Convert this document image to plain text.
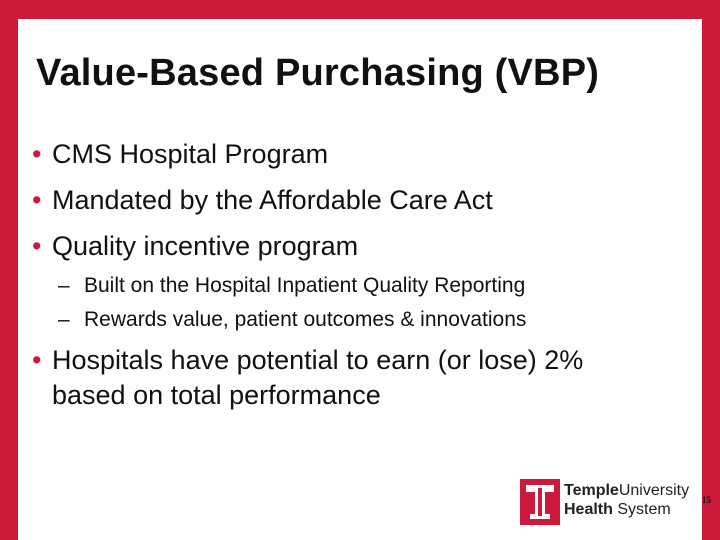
Value-Based Purchasing (VBP)
• CMS Hospital Program
• Mandated by the Affordable Care Act
• Quality incentive program
– Built on the Hospital Inpatient Quality Reporting
– Rewards value, patient outcomes & innovations
• Hospitals have potential to earn (or lose) 2%
based on total performance
TempleUniversity
Health System
15
